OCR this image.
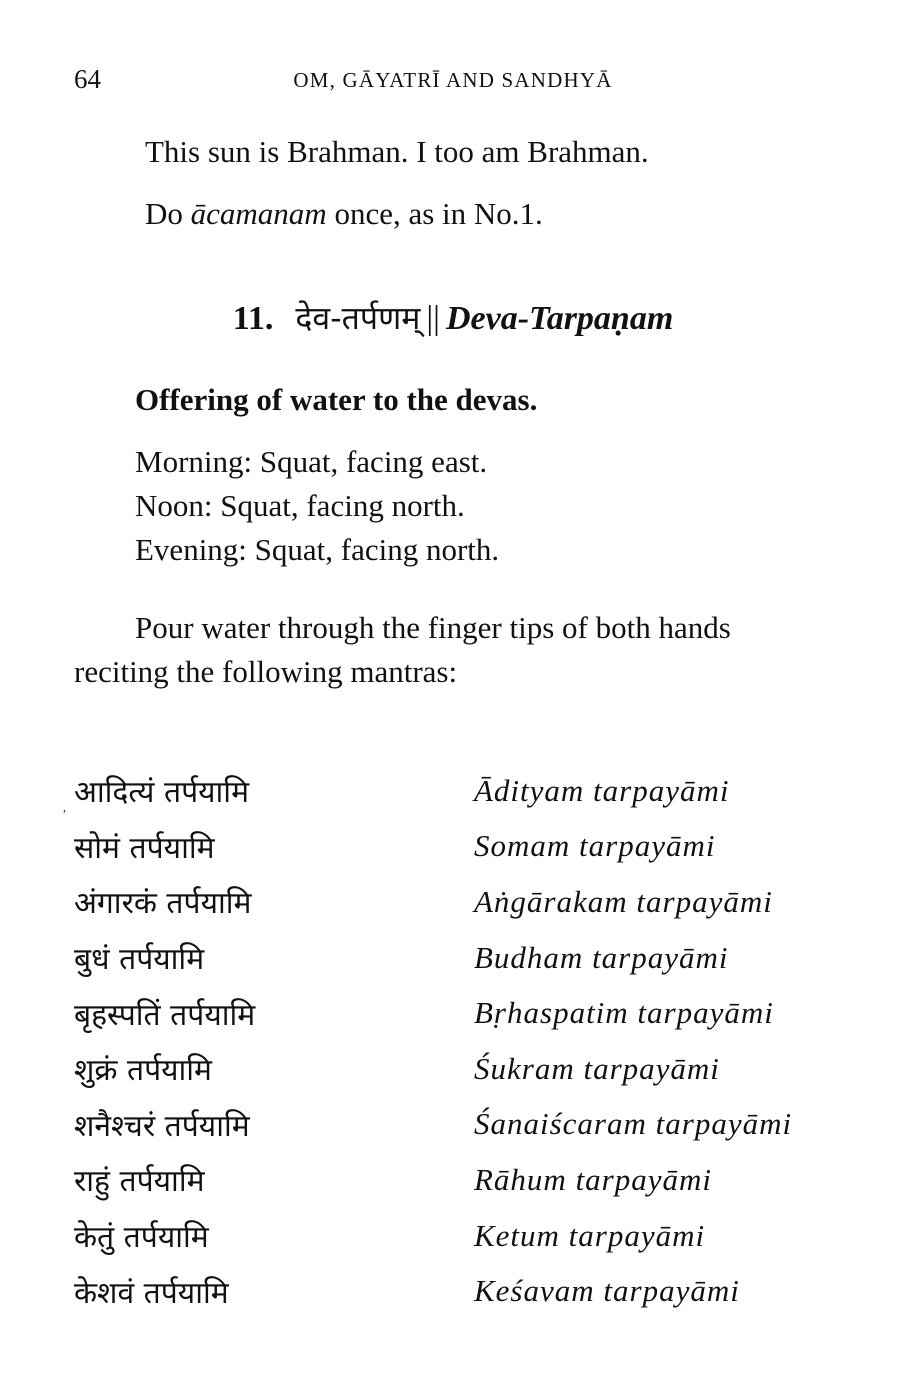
64	OM, GĀYATRĪ AND SANDHYĀ
This sun is Brahman. I too am Brahman.
Do ācamanam once, as in No.1.
11. देव-तर्पणम् || Deva-Tarpaṇam
Offering of water to the devas.
Morning: Squat, facing east.
Noon: Squat, facing north.
Evening: Squat, facing north.
Pour water through the finger tips of both hands
reciting the following mantras:
, आदित्यं तर्पयामि	Ādityam tarpayāmi
सोमं तर्पयामि	Somam tarpayāmi
अंगारकं तर्पयामि	Aṅgārakam tarpayāmi
बुधं तर्पयामि	Budham tarpayāmi
बृहस्पतिं तर्पयामि	Bṛhaspatim tarpayāmi
शुक्रं तर्पयामि	Śukram tarpayāmi
शनैश्चरं तर्पयामि	Śanaiścaram tarpayāmi
राहुं तर्पयामि	Rāhum tarpayāmi
केतुं तर्पयामि	Ketum tarpayāmi
केशवं तर्पयामि	Keśavam tarpayāmi
